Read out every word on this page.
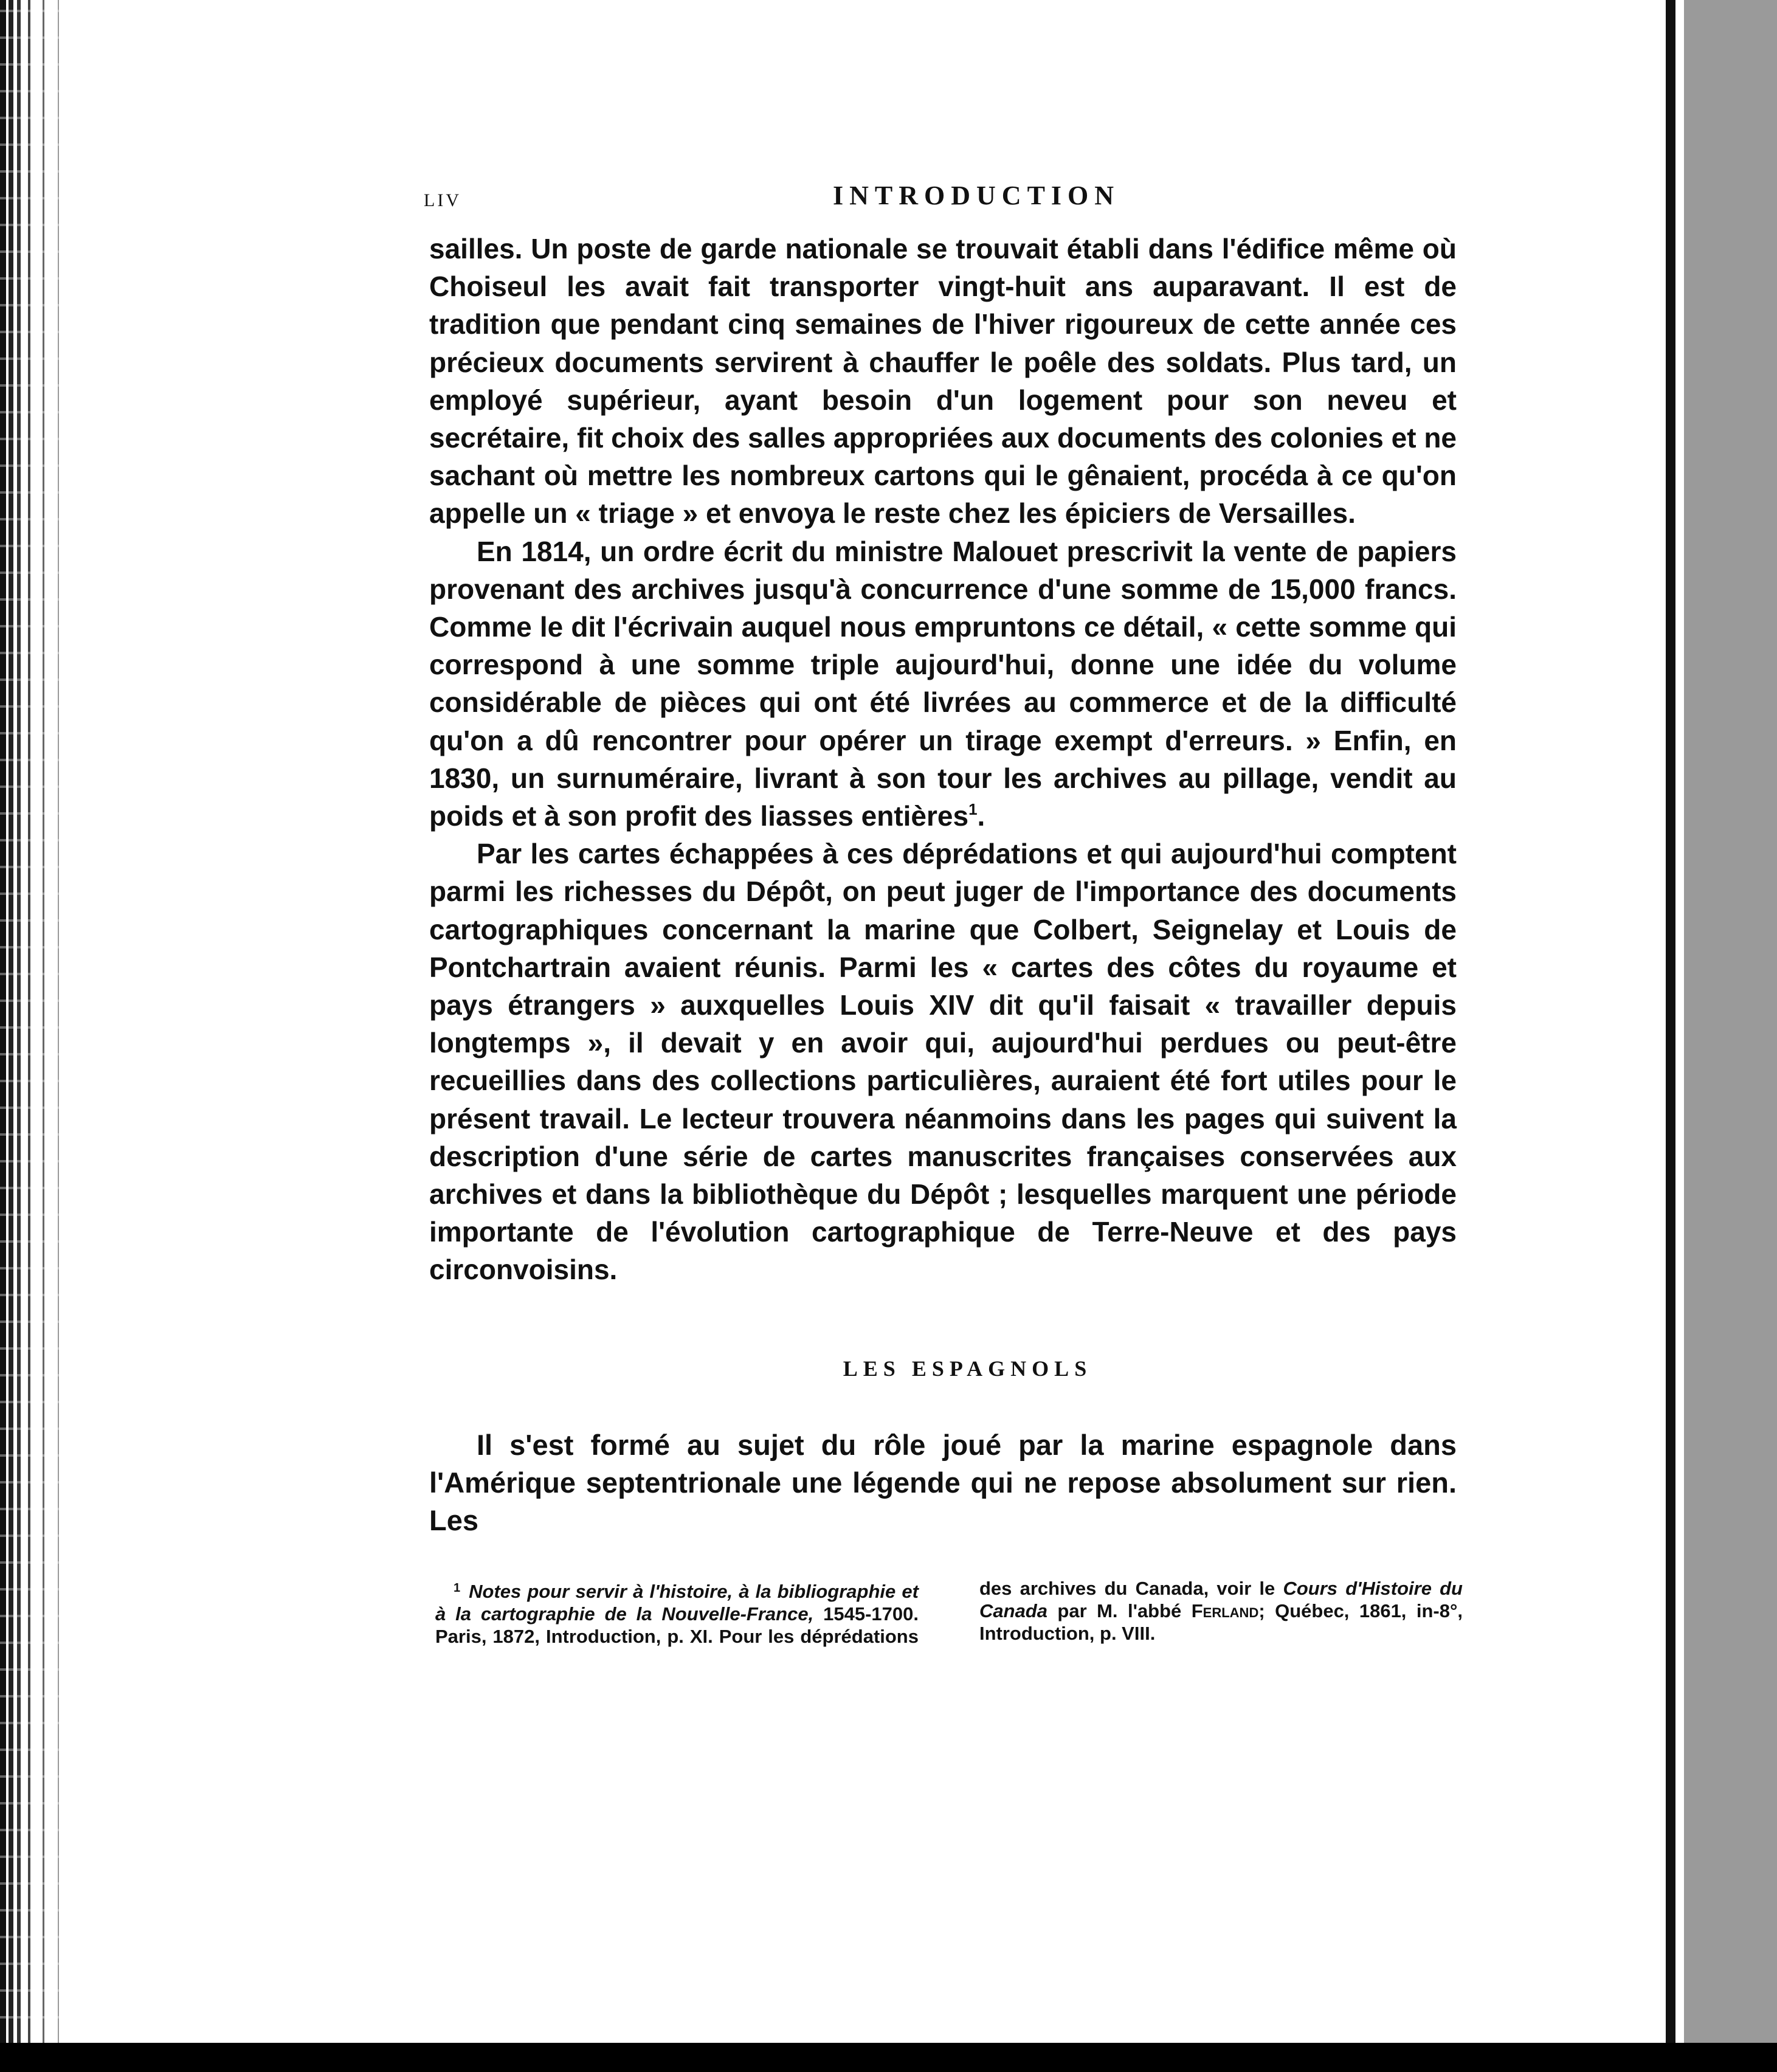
LIV	INTRODUCTION

sailles. Un poste de garde nationale se trouvait établi dans l'édifice même où Choiseul les avait fait transporter vingt-huit ans auparavant. Il est de tradition que pendant cinq semaines de l'hiver rigoureux de cette année ces précieux documents servirent à chauffer le poêle des soldats. Plus tard, un employé supérieur, ayant besoin d'un logement pour son neveu et secrétaire, fit choix des salles appropriées aux documents des colonies et ne sachant où mettre les nombreux cartons qui le gênaient, procéda à ce qu'on appelle un « triage » et envoya le reste chez les épiciers de Versailles.

En 1814, un ordre écrit du ministre Malouet prescrivit la vente de papiers provenant des archives jusqu'à concurrence d'une somme de 15,000 francs. Comme le dit l'écrivain auquel nous empruntons ce détail, « cette somme qui correspond à une somme triple aujourd'hui, donne une idée du volume considérable de pièces qui ont été livrées au commerce et de la difficulté qu'on a dû rencontrer pour opérer un tirage exempt d'erreurs. » Enfin, en 1830, un surnuméraire, livrant à son tour les archives au pillage, vendit au poids et à son profit des liasses entières$^1$.

Par les cartes échappées à ces déprédations et qui aujourd'hui comptent parmi les richesses du Dépôt, on peut juger de l'importance des documents cartographiques concernant la marine que Colbert, Seignelay et Louis de Pontchartrain avaient réunis. Parmi les « cartes des côtes du royaume et pays étrangers » auxquelles Louis XIV dit qu'il faisait « travailler depuis longtemps », il devait y en avoir qui, aujourd'hui perdues ou peut-être recueillies dans des collections particulières, auraient été fort utiles pour le présent travail. Le lecteur trouvera néanmoins dans les pages qui suivent la description d'une série de cartes manuscrites françaises conservées aux archives et dans la bibliothèque du Dépôt ; lesquelles marquent une période importante de l'évolution cartographique de Terre-Neuve et des pays circonvoisins.

LES ESPAGNOLS

Il s'est formé au sujet du rôle joué par la marine espagnole dans l'Amérique septentrionale une légende qui ne repose absolument sur rien. Les

$^1$ Notes pour servir à l'histoire, à la bibliographie et à la cartographie de la Nouvelle-France, 1545-1700. Paris, 1872, Introduction, p. XI. Pour les déprédations des archives du Canada, voir le Cours d'Histoire du Canada par M. l'abbé Ferland; Québec, 1861, in-8°, Introduction, p. VIII.
